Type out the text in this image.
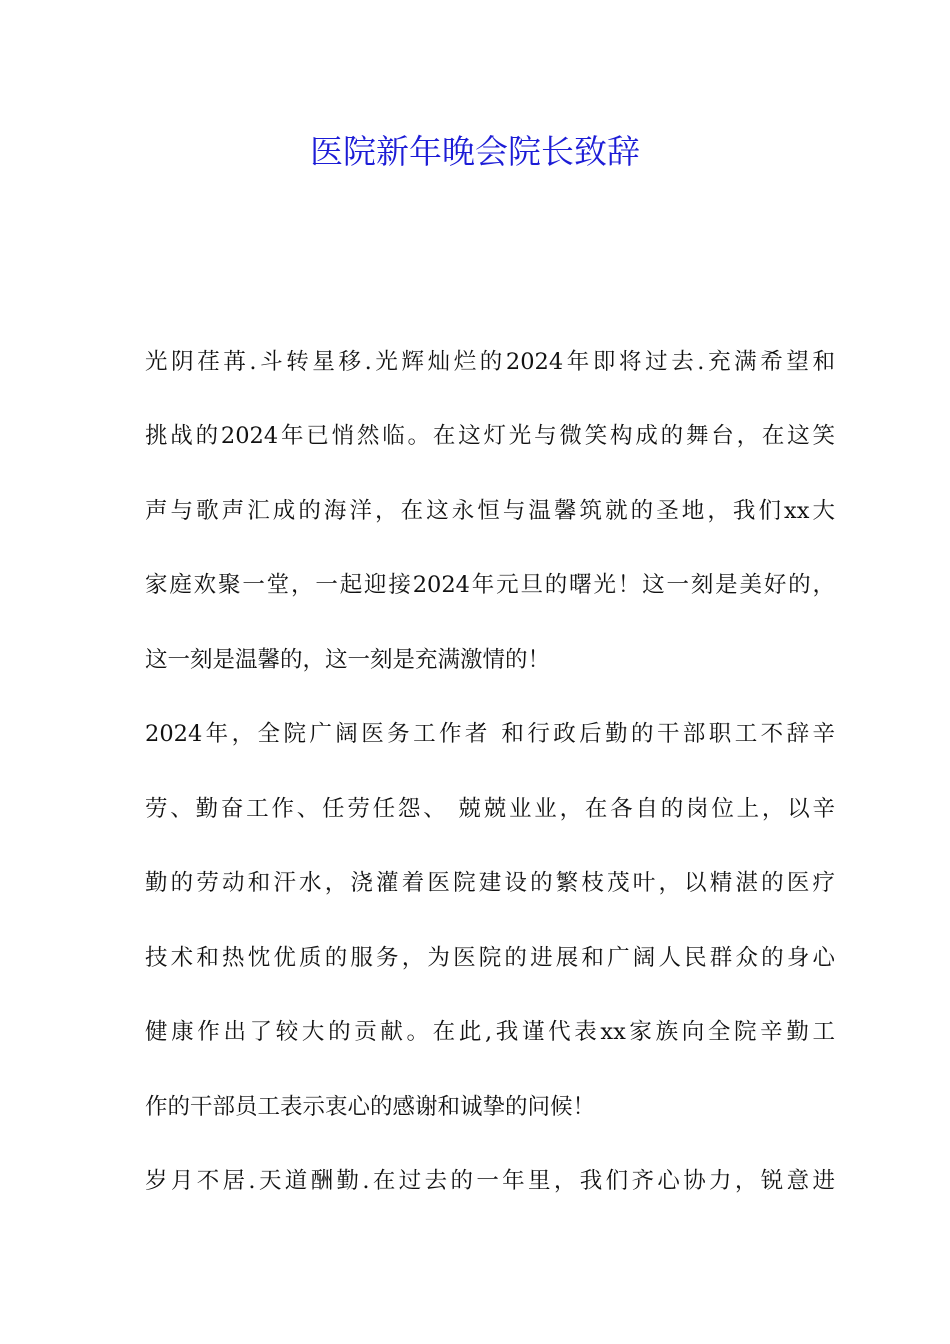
医院新年晚会院长致辞

光阴荏苒.斗转星移.光辉灿烂的2024年即将过去.充满希望和

挑战的2024年已悄然临。在这灯光与微笑构成的舞台，在这笑

声与歌声汇成的海洋，在这永恒与温馨筑就的圣地，我们xx大

家庭欢聚一堂，一起迎接2024年元旦的曙光！这一刻是美好的，

这一刻是温馨的，这一刻是充满激情的！

2024年，全院广阔医务工作者 和行政后勤的干部职工不辞辛

劳、勤奋工作、任劳任怨、 兢兢业业，在各自的岗位上，以辛

勤的劳动和汗水，浇灌着医院建设的繁枝茂叶，以精湛的医疗

技术和热忱优质的服务，为医院的进展和广阔人民群众的身心

健康作出了较大的贡献。在此,我谨代表xx家族向全院辛勤工

作的干部员工表示衷心的感谢和诚挚的问候！

岁月不居.天道酬勤.在过去的一年里，我们齐心协力，锐意进
